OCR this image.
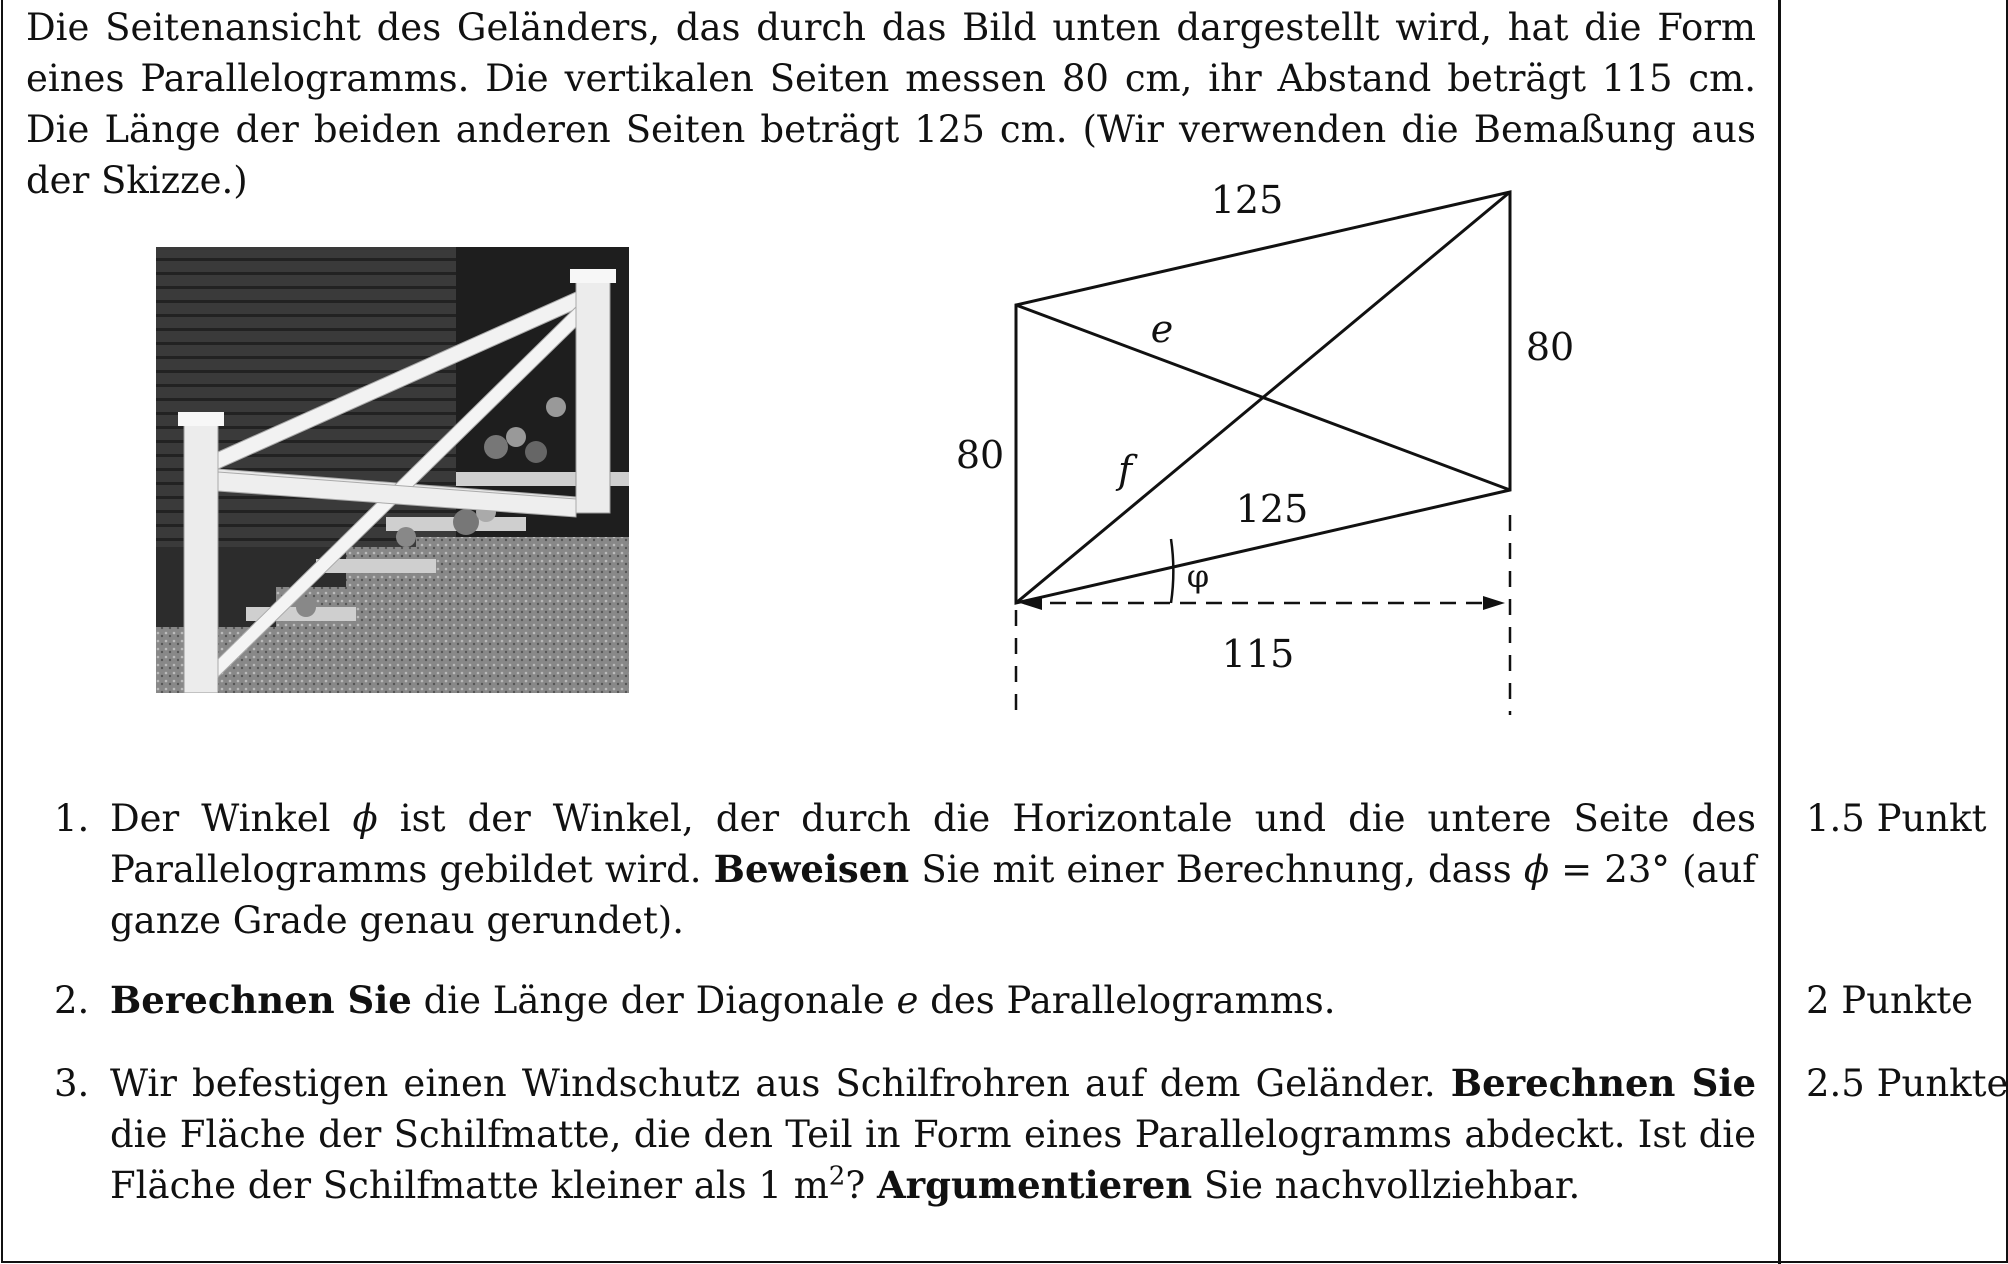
Die Seitenansicht des Geländers, das durch das Bild unten dargestellt wird, hat die Form eines Parallelogramms. Die vertikalen Seiten messen 80 cm, ihr Abstand beträgt 115 cm. Die Länge der beiden anderen Seiten beträgt 125 cm. (Wir verwenden die Bemaßung aus der Skizze.)	125
80
80
125
115
e
f
φ
1. Der Winkel ϕ ist der Winkel, der durch die Horizontale und die untere Seite des Parallelogramms gebildet wird. Beweisen Sie mit einer Berechnung, dass ϕ = 23° (auf ganze Grade genau gerundet).
1.5 Punkt
2. Berechnen Sie die Länge der Diagonale e des Parallelogramms.	2 Punkte
3. Wir befestigen einen Windschutz aus Schilfrohren auf dem Geländer. Berechnen Sie die Fläche der Schilfmatte, die den Teil in Form eines Parallelogramms abdeckt. Ist die Fläche der Schilfmatte kleiner als 1 $m^2$? Argumentieren Sie nachvollziehbar.
2.5 Punkte
